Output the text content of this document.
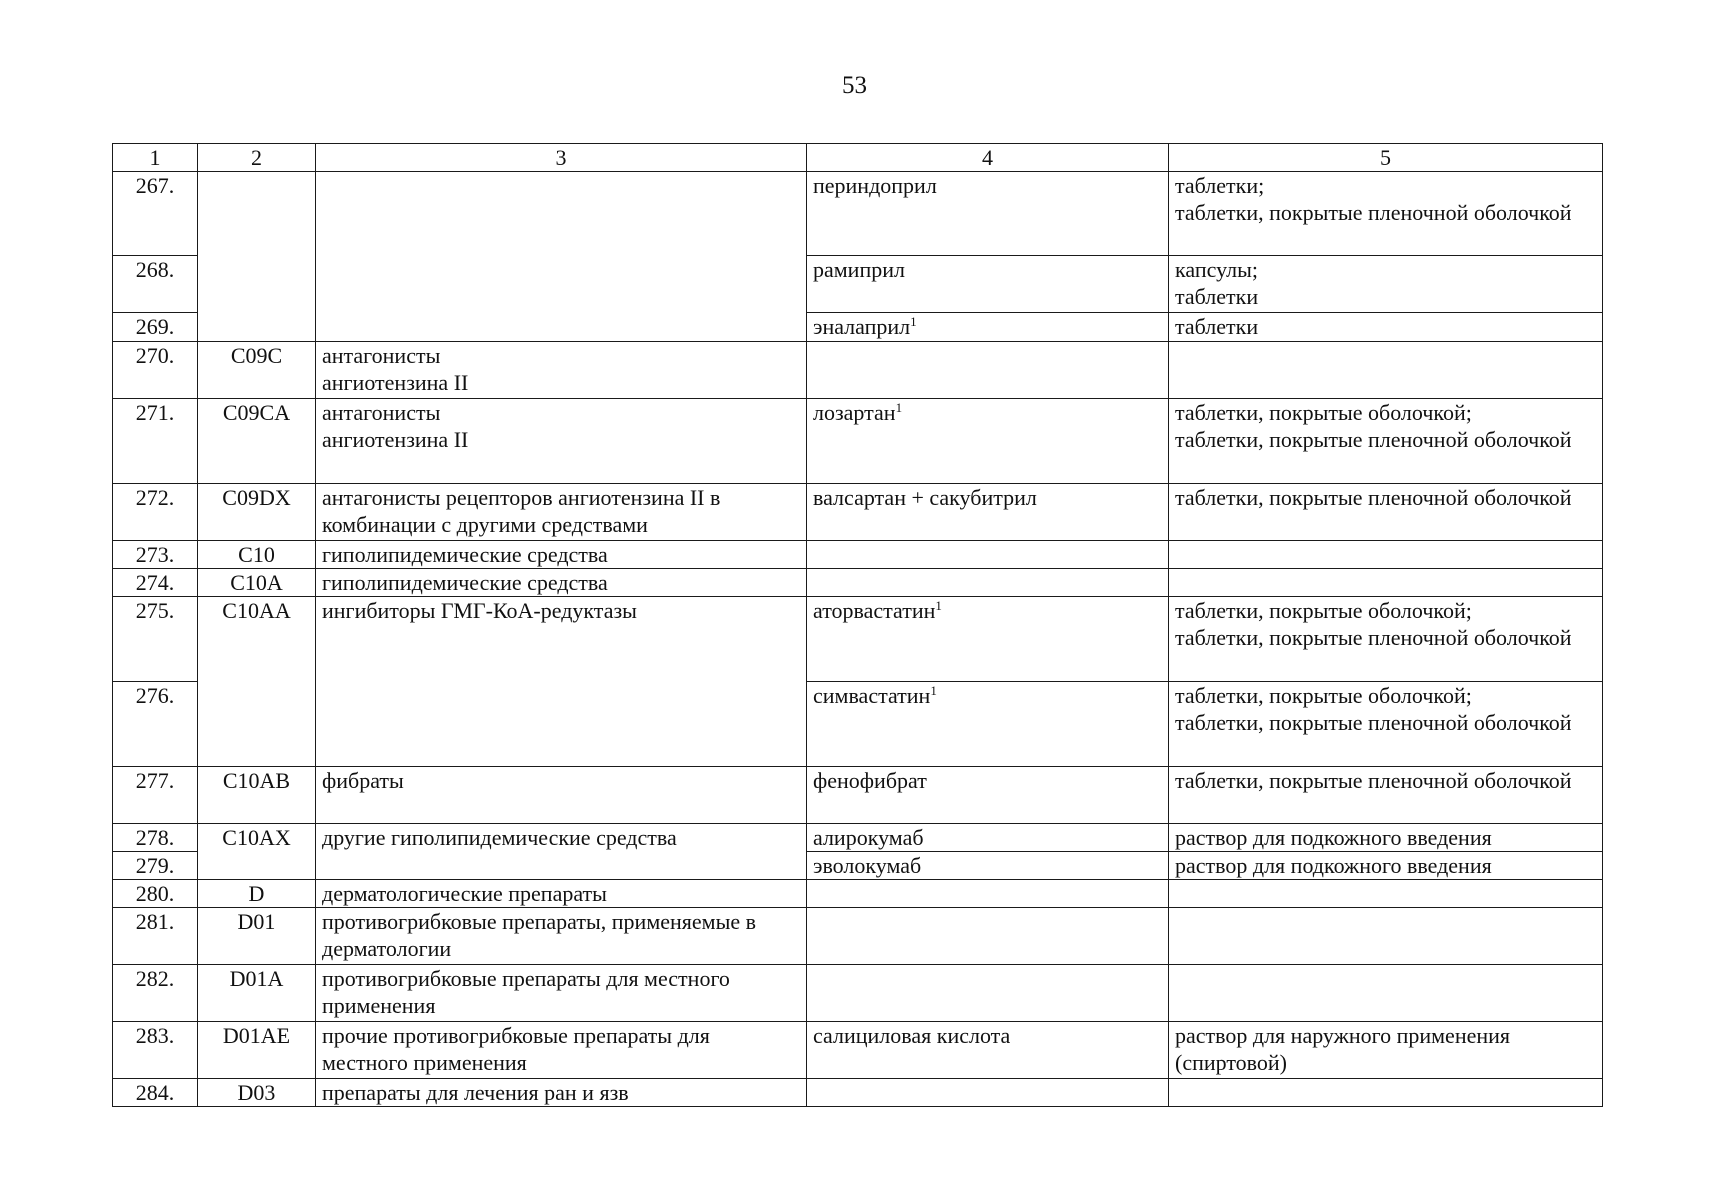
53
1	2	3	4	5
267.			периндоприл	таблетки;
таблетки, покрытые пленочной оболочкой
268.			рамиприл	капсулы;
таблетки
269.			эналаприл$^1$	таблетки
270.	C09C	антагонисты
ангиотензина II		
271.	C09CA	антагонисты
ангиотензина II	лозартан$^1$	таблетки, покрытые оболочкой;
таблетки, покрытые пленочной оболочкой
272.	C09DX	антагонисты рецепторов ангиотензина II в комбинации с другими средствами	валсартан + сакубитрил	таблетки, покрытые пленочной оболочкой
273.	C10	гиполипидемические средства		
274.	C10A	гиполипидемические средства		
275.	C10AA	ингибиторы ГМГ-КоА-редуктазы	аторвастатин$^1$	таблетки, покрытые оболочкой;
таблетки, покрытые пленочной оболочкой
276.			симвастатин$^1$	таблетки, покрытые оболочкой;
таблетки, покрытые пленочной оболочкой
277.	C10AB	фибраты	фенофибрат	таблетки, покрытые пленочной оболочкой
278.	C10AX	другие гиполипидемические средства	алирокумаб	раствор для подкожного введения
279.			эволокумаб	раствор для подкожного введения
280.	D	дерматологические препараты		
281.	D01	противогрибковые препараты, применяемые в дерматологии		
282.	D01A	противогрибковые препараты для местного применения		
283.	D01AE	прочие противогрибковые препараты для местного применения	салициловая кислота	раствор для наружного применения (спиртовой)
284.	D03	препараты для лечения ран и язв		
